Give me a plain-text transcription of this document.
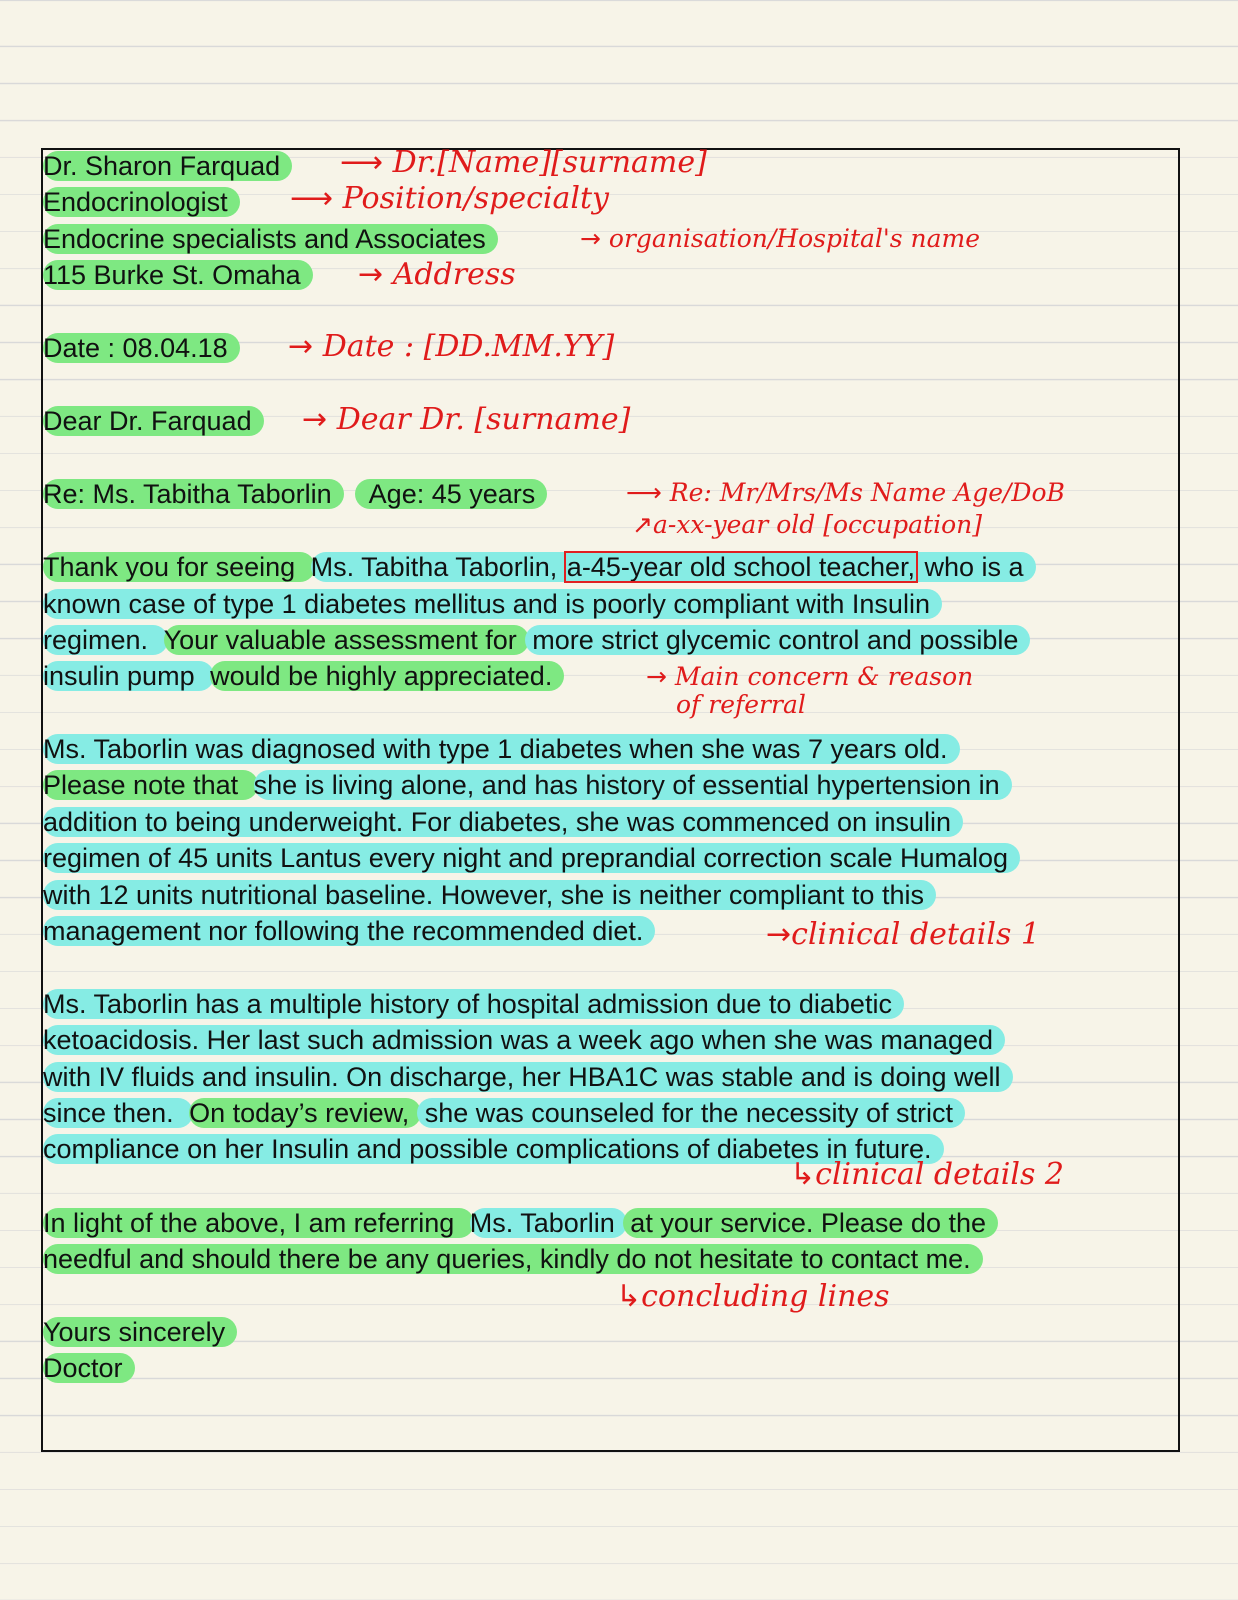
Dr. Sharon Farquad
Endocrinologist
Endocrine specialists and Associates
115 Burke St. Omaha
Date : 08.04.18
Dear Dr. Farquad
Re: Ms. Tabitha Taborlin Age: 45 years
Thank you for seeing Ms. Tabitha Taborlin, a-45-year old school teacher, who is a
known case of type 1 diabetes mellitus and is poorly compliant with Insulin
regimen. Your valuable assessment for more strict glycemic control and possible
insulin pump would be highly appreciated.
Ms. Taborlin was diagnosed with type 1 diabetes when she was 7 years old.
Please note that she is living alone, and has history of essential hypertension in
addition to being underweight. For diabetes, she was commenced on insulin
regimen of 45 units Lantus every night and preprandial correction scale Humalog
with 12 units nutritional baseline. However, she is neither compliant to this
management nor following the recommended diet.
Ms. Taborlin has a multiple history of hospital admission due to diabetic
ketoacidosis. Her last such admission was a week ago when she was managed
with IV fluids and insulin. On discharge, her HBA1C was stable and is doing well
since then. On today’s review, she was counseled for the necessity of strict
compliance on her Insulin and possible complications of diabetes in future.
In light of the above, I am referring Ms. Taborlin at your service. Please do the
needful and should there be any queries, kindly do not hesitate to contact me.
Yours sincerely
Doctor
⟶ Dr.[Name][surname]
⟶ Position/specialty
→ organisation/Hospital's name
→ Address
→ Date : [DD.MM.YY]
→ Dear Dr. [surname]
⟶ Re: Mr/Mrs/Ms Name Age/DoB
↗a-xx-year old [occupation]
→ Main concern & reason
of referral
→clinical details 1
↳clinical details 2
↳concluding lines
